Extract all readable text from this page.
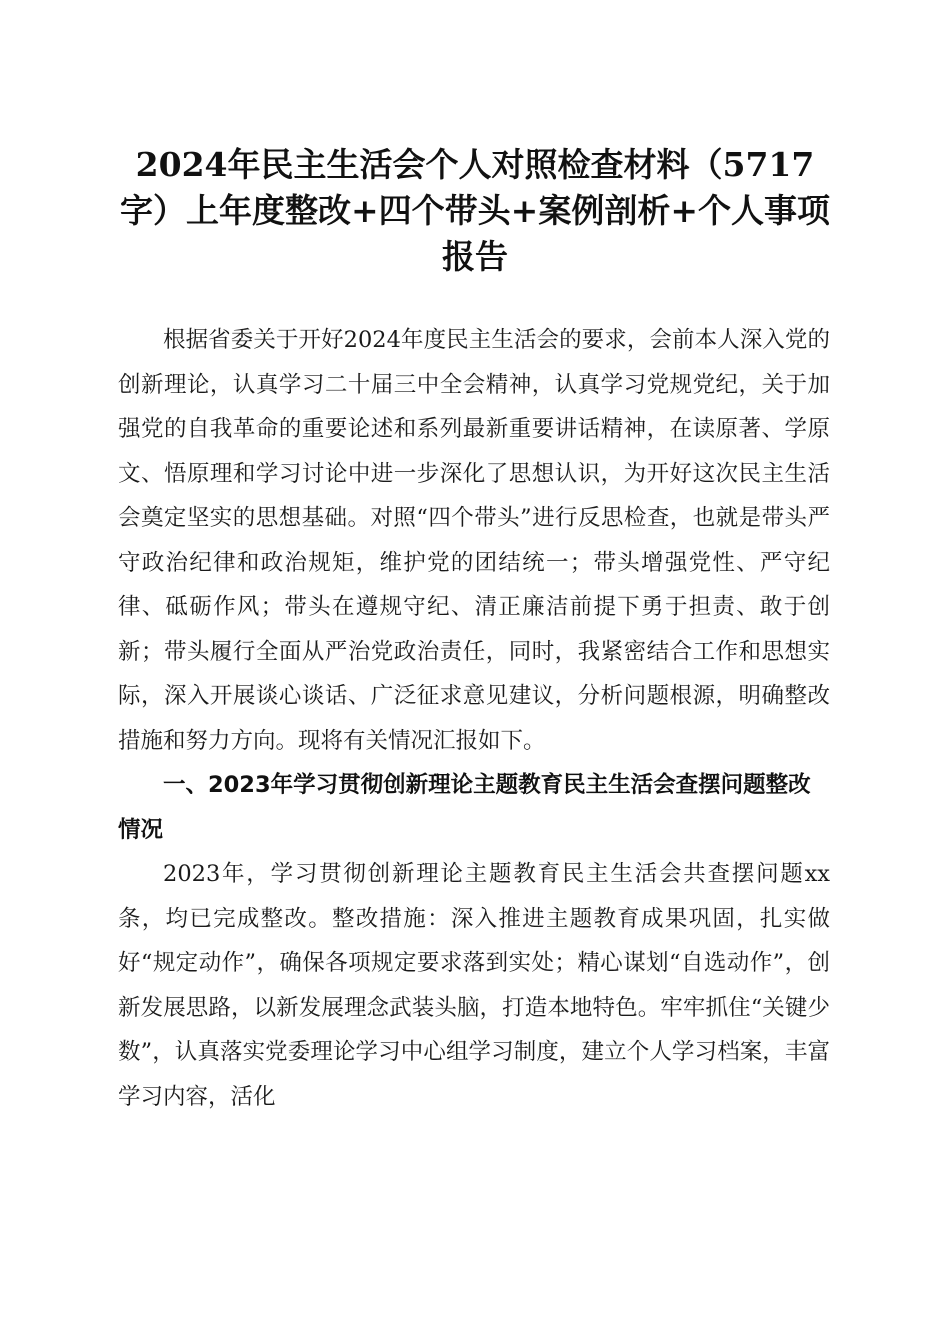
2024年民主生活会个人对照检查材料（5717字）上年度整改+四个带头+案例剖析+个人事项报告

根据省委关于开好2024年度民主生活会的要求，会前本人深入党的创新理论，认真学习二十届三中全会精神，认真学习党规党纪，关于加强党的自我革命的重要论述和系列最新重要讲话精神，在读原著、学原文、悟原理和学习讨论中进一步深化了思想认识，为开好这次民主生活会奠定坚实的思想基础。对照“四个带头”进行反思检查，也就是带头严守政治纪律和政治规矩，维护党的团结统一；带头增强党性、严守纪律、砥砺作风；带头在遵规守纪、清正廉洁前提下勇于担责、敢于创新；带头履行全面从严治党政治责任，同时，我紧密结合工作和思想实际，深入开展谈心谈话、广泛征求意见建议，分析问题根源，明确整改措施和努力方向。现将有关情况汇报如下。

一、2023年学习贯彻创新理论主题教育民主生活会查摆问题整改情况

2023年，学习贯彻创新理论主题教育民主生活会共查摆问题xx条，均已完成整改。整改措施：深入推进主题教育成果巩固，扎实做好“规定动作”，确保各项规定要求落到实处；精心谋划“自选动作”，创新发展思路，以新发展理念武装头脑，打造本地特色。牢牢抓住“关键少数”，认真落实党委理论学习中心组学习制度，建立个人学习档案，丰富学习内容，活化
